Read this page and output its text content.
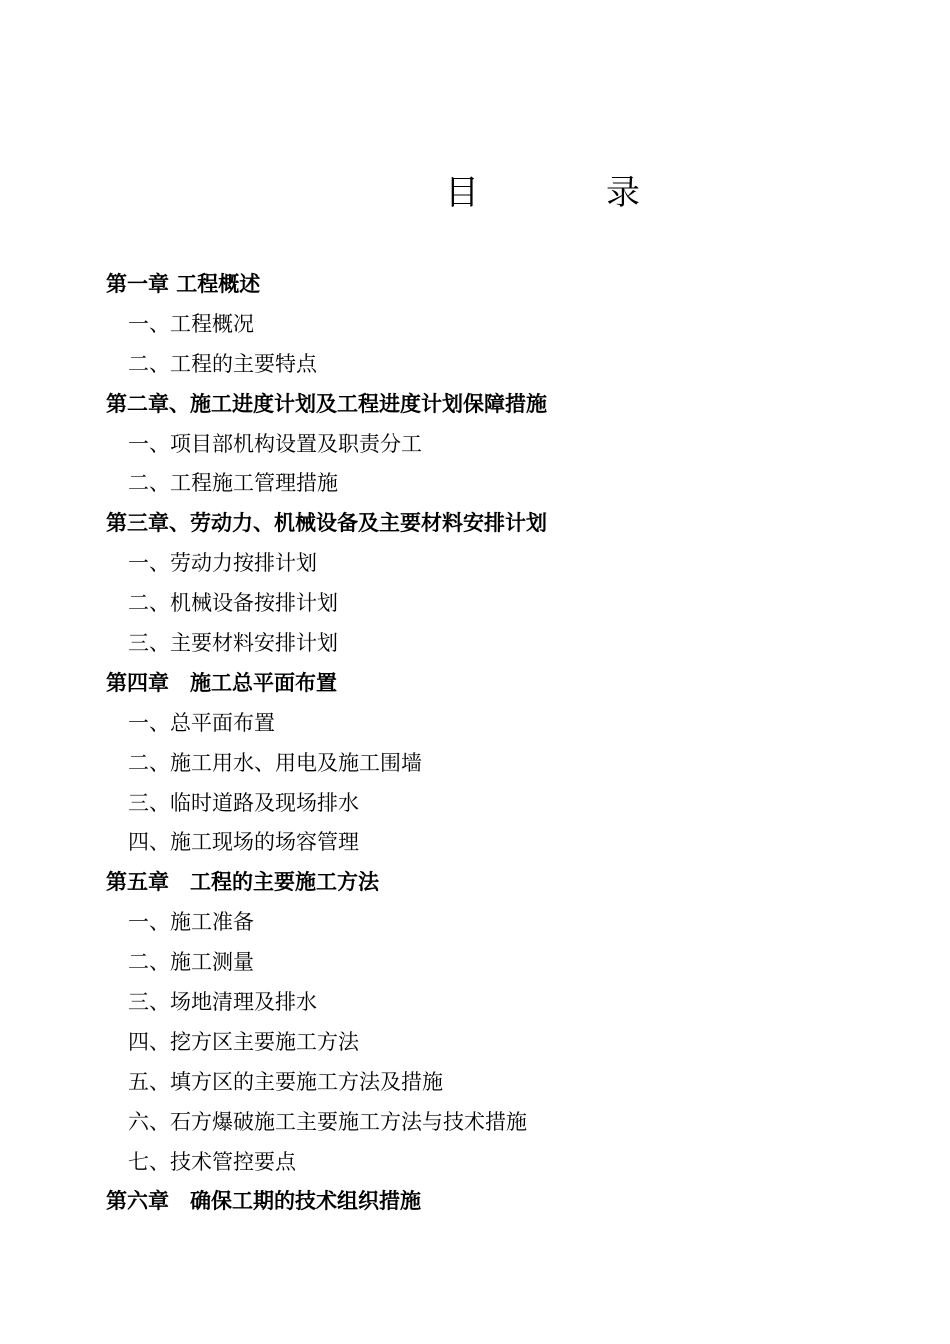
目	录
第一章 工程概述
一、工程概况
二、工程的主要特点
第二章、施工进度计划及工程进度计划保障措施
一、项目部机构设置及职责分工
二、工程施工管理措施
第三章、劳动力、机械设备及主要材料安排计划
一、劳动力按排计划
二、机械设备按排计划
三、主要材料安排计划
第四章　施工总平面布置
一、总平面布置
二、施工用水、用电及施工围墙
三、临时道路及现场排水
四、施工现场的场容管理
第五章　工程的主要施工方法
一、施工准备
二、施工测量
三、场地清理及排水
四、挖方区主要施工方法
五、填方区的主要施工方法及措施
六、石方爆破施工主要施工方法与技术措施
七、技术管控要点
第六章　确保工期的技术组织措施
